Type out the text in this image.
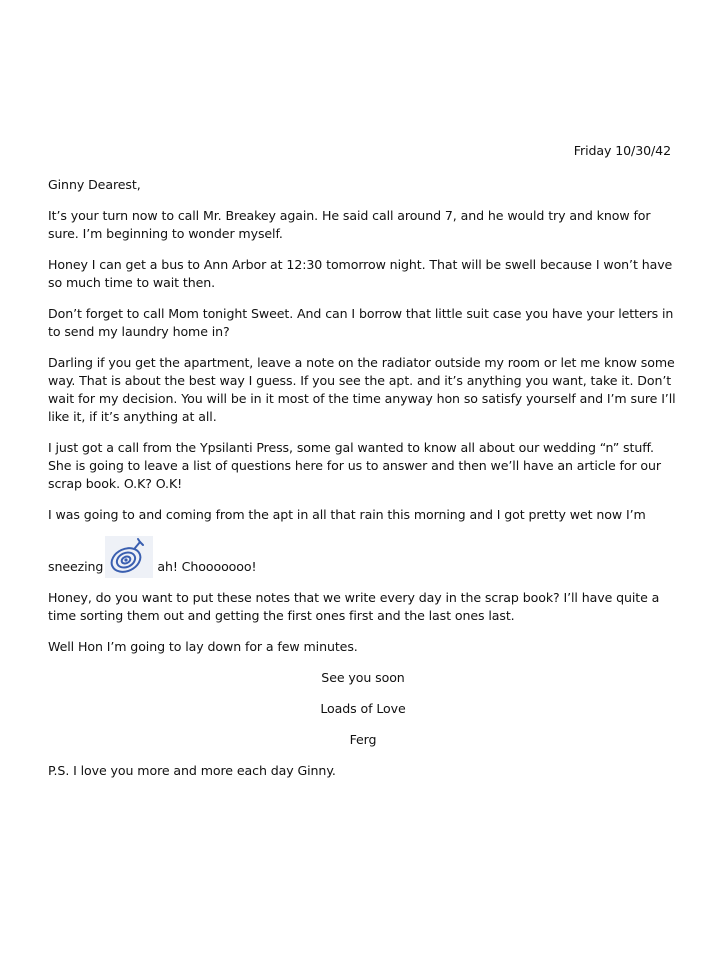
Friday 10/30/42

Ginny Dearest,

It’s your turn now to call Mr. Breakey again. He said call around 7, and he would try and know for sure. I’m beginning to wonder myself.

Honey I can get a bus to Ann Arbor at 12:30 tomorrow night. That will be swell because I won’t have so much time to wait then.

Don’t forget to call Mom tonight Sweet. And can I borrow that little suit case you have your letters in to send my laundry home in?

Darling if you get the apartment, leave a note on the radiator outside my room or let me know some way. That is about the best way I guess. If you see the apt. and it’s anything you want, take it. Don’t wait for my decision. You will be in it most of the time anyway hon so satisfy yourself and I’m sure I’ll like it, if it’s anything at all.

I just got a call from the Ypsilanti Press, some gal wanted to know all about our wedding “n” stuff. She is going to leave a list of questions here for us to answer and then we’ll have an article for our scrap book. O.K? O.K!

I was going to and coming from the apt in all that rain this morning and I got pretty wet now I’m

sneezing	ah! Chooooooo!

Honey, do you want to put these notes that we write every day in the scrap book? I’ll have quite a time sorting them out and getting the first ones first and the last ones last.

Well Hon I’m going to lay down for a few minutes.

See you soon

Loads of Love

Ferg

P.S. I love you more and more each day Ginny.
